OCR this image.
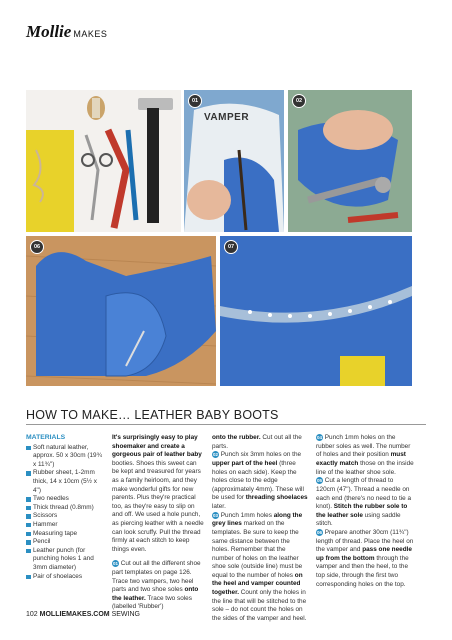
Mollie MAKES
VAMPER
01	02
06	07
HOW TO MAKE… LEATHER BABY BOOTS
MATERIALS
Soft natural leather, approx. 50 x 30cm (19¾ x 11¾")
Rubber sheet, 1-2mm thick, 14 x 10cm (5½ x 4")
Two needles
Thick thread (0.8mm)
Scissors
Hammer
Measuring tape
Pencil
Leather punch (for punching holes 1 and 3mm diameter)
Pair of shoelaces

It's surprisingly easy to play shoemaker and create a gorgeous pair of leather baby booties. Shoes this sweet can be kept and treasured for years as a family heirloom, and they make wonderful gifts for new parents. Plus they're practical too, as they're easy to slip on and off. We used a hole punch, as piercing leather with a needle can look scruffy. Pull the thread firmly at each stitch to keep things even.

01 Cut out all the different shoe part templates on page 126. Trace two vampers, two heel parts and two shoe soles onto the leather. Trace two soles (labelled 'Rubber')

onto the rubber. Cut out all the parts.
02 Punch six 3mm holes on the upper part of the heel (three holes on each side). Keep the holes close to the edge (approximately 4mm). These will be used for threading shoelaces later.
03 Punch 1mm holes along the grey lines marked on the templates. Be sure to keep the same distance between the holes. Remember that the number of holes on the leather shoe sole (outside line) must be equal to the number of holes on the heel and vamper counted together. Count only the holes in the line that will be stitched to the sole – do not count the holes on the sides of the vamper and heel.

04 Punch 1mm holes on the rubber soles as well. The number of holes and their position must exactly match those on the inside line of the leather shoe sole.
05 Cut a length of thread to 120cm (47"). Thread a needle on each end (there's no need to tie a knot). Stitch the rubber sole to the leather sole using saddle stitch.
06 Prepare another 30cm (11¾") length of thread. Place the heel on the vamper and pass one needle up from the bottom through the vamper and then the heel, to the top side, through the first two corresponding holes on the top.

102 MOLLIEMAKES.COM SEWING
